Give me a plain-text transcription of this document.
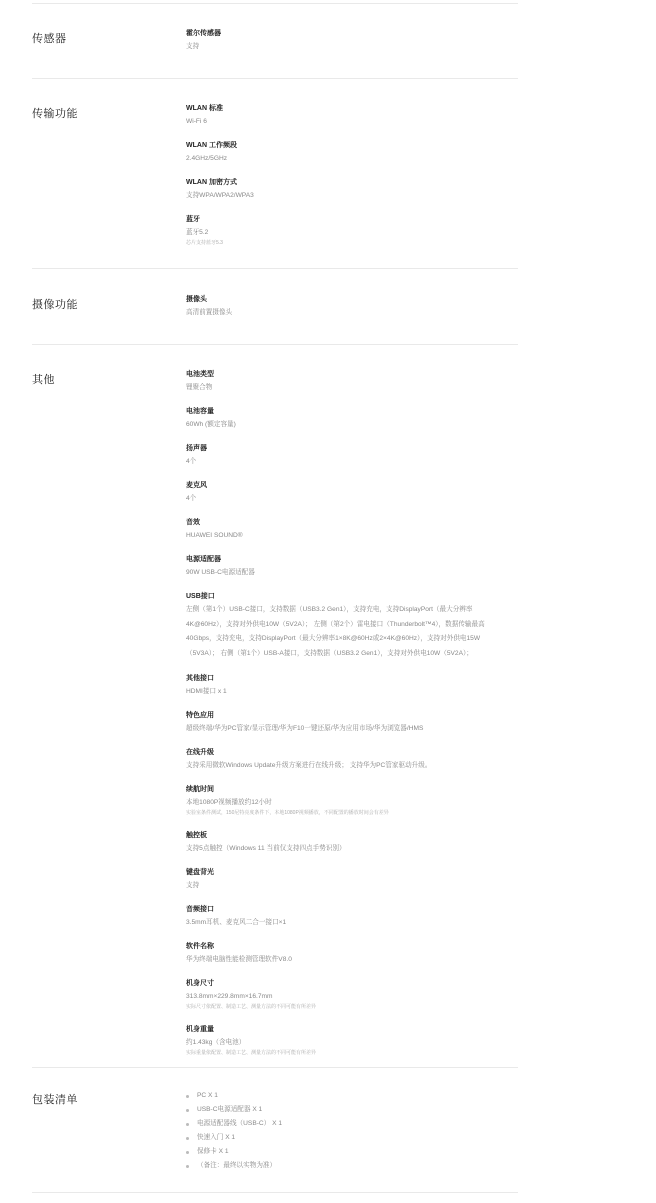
传感器	霍尔传感器
支持
传输功能	WLAN 标准
Wi-Fi 6
WLAN 工作频段
2.4GHz/5GHz
WLAN 加密方式
支持WPA/WPA2/WPA3
蓝牙
蓝牙5.2
芯片支持蓝牙5.3
摄像功能	摄像头
高清前置摄像头
其他	电池类型
锂聚合物
电池容量
60Wh (额定容量)
扬声器
4个
麦克风
4个
音效
HUAWEI SOUND®
电源适配器
90W USB-C电源适配器
USB接口
左侧（第1个）USB-C接口，支持数据（USB3.2 Gen1），支持充电，支持DisplayPort（最大分辨率4K@60Hz），支持对外供电10W（5V2A）； 左侧（第2个）雷电接口（Thunderbolt™4），数据传输最高40Gbps，支持充电，支持DisplayPort（最大分辨率1×8K@60Hz或2×4K@60Hz），支持对外供电15W（5V3A）； 右侧（第1个）USB-A接口，支持数据（USB3.2 Gen1），支持对外供电10W（5V2A）；
其他接口
HDMI接口 x 1
特色应用
超级终端/华为PC管家/显示管理/华为F10一键还原/华为应用市场/华为浏览器/HMS
在线升级
支持采用微软Windows Update升级方案进行在线升级； 支持华为PC管家驱动升级。
续航时间
本地1080P视频播放约12小时
实验室条件测试，150尼特亮度条件下，本地1080P视频播放，不同配置的播放时间会有差异
触控板
支持5点触控（Windows 11 当前仅支持四点手势识别）
键盘背光
支持
音频接口
3.5mm耳机、麦克风二合一接口×1
软件名称
华为终端电脑性能检测管理软件V8.0
机身尺寸
313.8mm×229.8mm×16.7mm
实际尺寸依配置、制造工艺、测量方法的不同可能有所差异
机身重量
约1.43kg（含电池）
实际重量依配置、制造工艺、测量方法的不同可能有所差异
包装清单	PC X 1
USB-C电源适配器 X 1
电源适配器线（USB-C） X 1
快速入门 X 1
保修卡 X 1
（备注：最终以实物为准）
